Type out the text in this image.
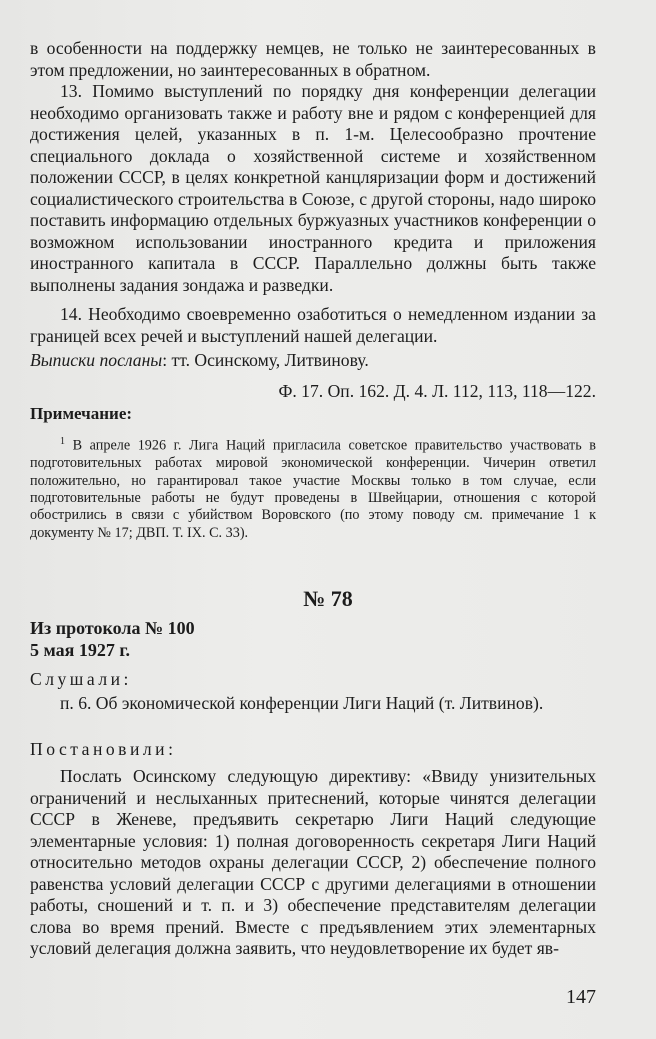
в особенности на поддержку немцев, не только не заинтересованных в этом предложении, но заинтересованных в обратном.

13. Помимо выступлений по порядку дня конференции делегации необходимо организовать также и работу вне и рядом с конференцией для достижения целей, указанных в п. 1-м. Целесообразно прочтение специального доклада о хозяйственной системе и хозяйственном положении СССР, в целях конкретной канцляризации форм и достижений социалистического строительства в Союзе, с другой стороны, надо широко поставить информацию отдельных буржуазных участников конференции о возможном использовании иностранного кредита и приложения иностранного капитала в СССР. Параллельно должны быть также выполнены задания зондажа и разведки.

14. Необходимо своевременно озаботиться о немедленном издании за границей всех речей и выступлений нашей делегации.

Выписки посланы: тт. Осинскому, Литвинову.

Ф. 17. Оп. 162. Д. 4. Л. 112, 113, 118—122.
Примечание:

$^1$ В апреле 1926 г. Лига Наций пригласила советское правительство участвовать в подготовительных работах мировой экономической конференции. Чичерин ответил положительно, но гарантировал такое участие Москвы только в том случае, если подготовительные работы не будут проведены в Швейцарии, отношения с которой обострились в связи с убийством Воровского (по этому поводу см. примечание 1 к документу № 17; ДВП. Т. IX. С. 33).

№ 78
Из протокола № 100
5 мая 1927 г.
Слушали:

п. 6. Об экономической конференции Лиги Наций (т. Литвинов).

Постановили:

Послать Осинскому следующую директиву: «Ввиду унизительных ограничений и неслыханных притеснений, которые чинятся делегации СССР в Женеве, предъявить секретарю Лиги Наций следующие элементарные условия: 1) полная договоренность секретаря Лиги Наций относительно методов охраны делегации СССР, 2) обеспечение полного равенства условий делегации СССР с другими делегациями в отношении работы, сношений и т. п. и 3) обеспечение представителям делегации слова во время прений. Вместе с предъявлением этих элементарных условий делегация должна заявить, что неудовлетворение их будет яв-

147
